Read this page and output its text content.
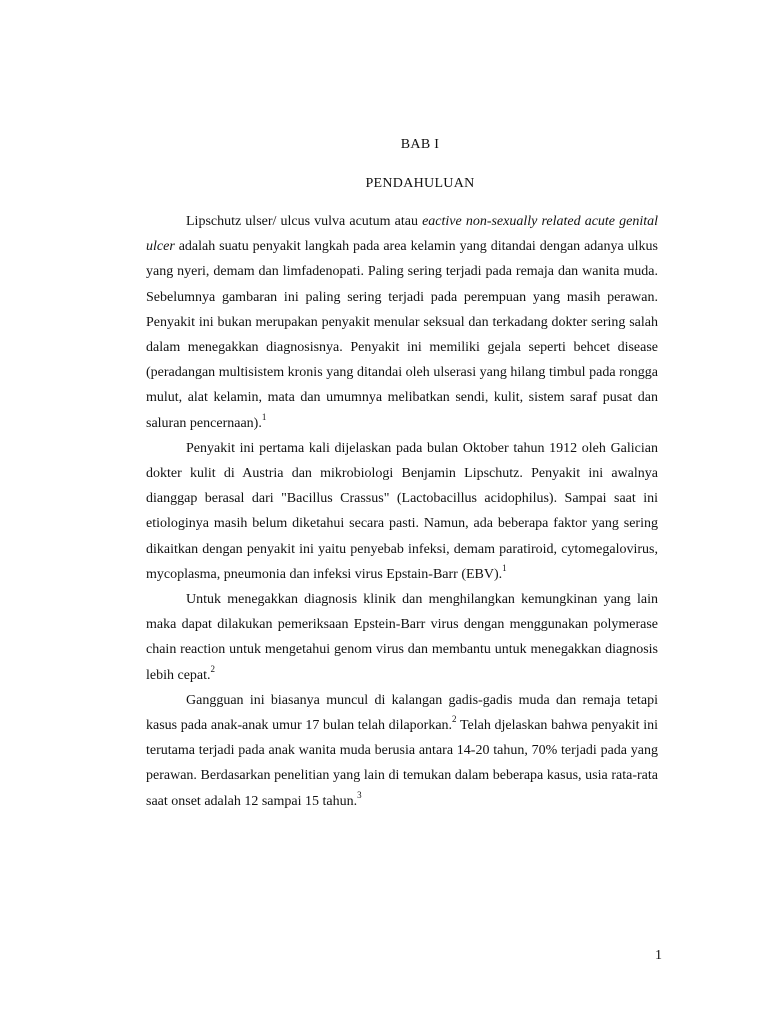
BAB I
PENDAHULUAN

Lipschutz ulser/ ulcus vulva acutum atau eactive non-sexually related acute genital ulcer adalah suatu penyakit langkah pada area kelamin yang ditandai dengan adanya ulkus yang nyeri, demam dan limfadenopati. Paling sering terjadi pada remaja dan wanita muda. Sebelumnya gambaran ini paling sering terjadi pada perempuan yang masih perawan. Penyakit ini bukan merupakan penyakit menular seksual dan terkadang dokter sering salah dalam menegakkan diagnosisnya. Penyakit ini memiliki gejala seperti behcet disease (peradangan multisistem kronis yang ditandai oleh ulserasi yang hilang timbul pada rongga mulut, alat kelamin, mata dan umumnya melibatkan sendi, kulit, sistem saraf pusat dan saluran pencernaan).$^1$

Penyakit ini pertama kali dijelaskan pada bulan Oktober tahun 1912 oleh Galician dokter kulit di Austria dan mikrobiologi Benjamin Lipschutz. Penyakit ini awalnya dianggap berasal dari "Bacillus Crassus" (Lactobacillus acidophilus). Sampai saat ini etiologinya masih belum diketahui secara pasti. Namun, ada beberapa faktor yang sering dikaitkan dengan penyakit ini yaitu penyebab infeksi, demam paratiroid, cytomegalovirus, mycoplasma, pneumonia dan infeksi virus Epstain-Barr (EBV).$^1$

Untuk menegakkan diagnosis klinik dan menghilangkan kemungkinan yang lain maka dapat dilakukan pemeriksaan Epstein-Barr virus dengan menggunakan polymerase chain reaction untuk mengetahui genom virus dan membantu untuk menegakkan diagnosis lebih cepat.$^2$

Gangguan ini biasanya muncul di kalangan gadis-gadis muda dan remaja tetapi kasus pada anak-anak umur 17 bulan telah dilaporkan.$^2$ Telah djelaskan bahwa penyakit ini terutama terjadi pada anak wanita muda berusia antara 14-20 tahun, 70% terjadi pada yang perawan. Berdasarkan penelitian yang lain di temukan dalam beberapa kasus, usia rata-rata saat onset adalah 12 sampai 15 tahun.$^3$

1
